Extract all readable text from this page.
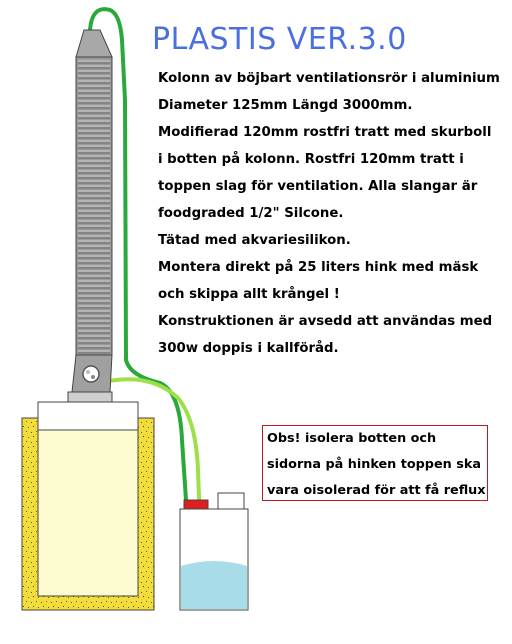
PLASTIS VER.3.0
Kolonn av böjbart ventilationsrör i aluminium
Diameter 125mm Längd 3000mm.
Modifierad 120mm rostfri tratt med skurboll
i botten på kolonn. Rostfri 120mm tratt i
toppen slag för ventilation. Alla slangar är
foodgraded 1/2" Silcone.
Tätad med akvariesilikon.
Montera direkt på 25 liters hink med mäsk
och skippa allt krångel !
Konstruktionen är avsedd att användas med
300w doppis i kallföråd.
Obs! isolera botten och
sidorna på hinken toppen ska
vara oisolerad för att få reflux
